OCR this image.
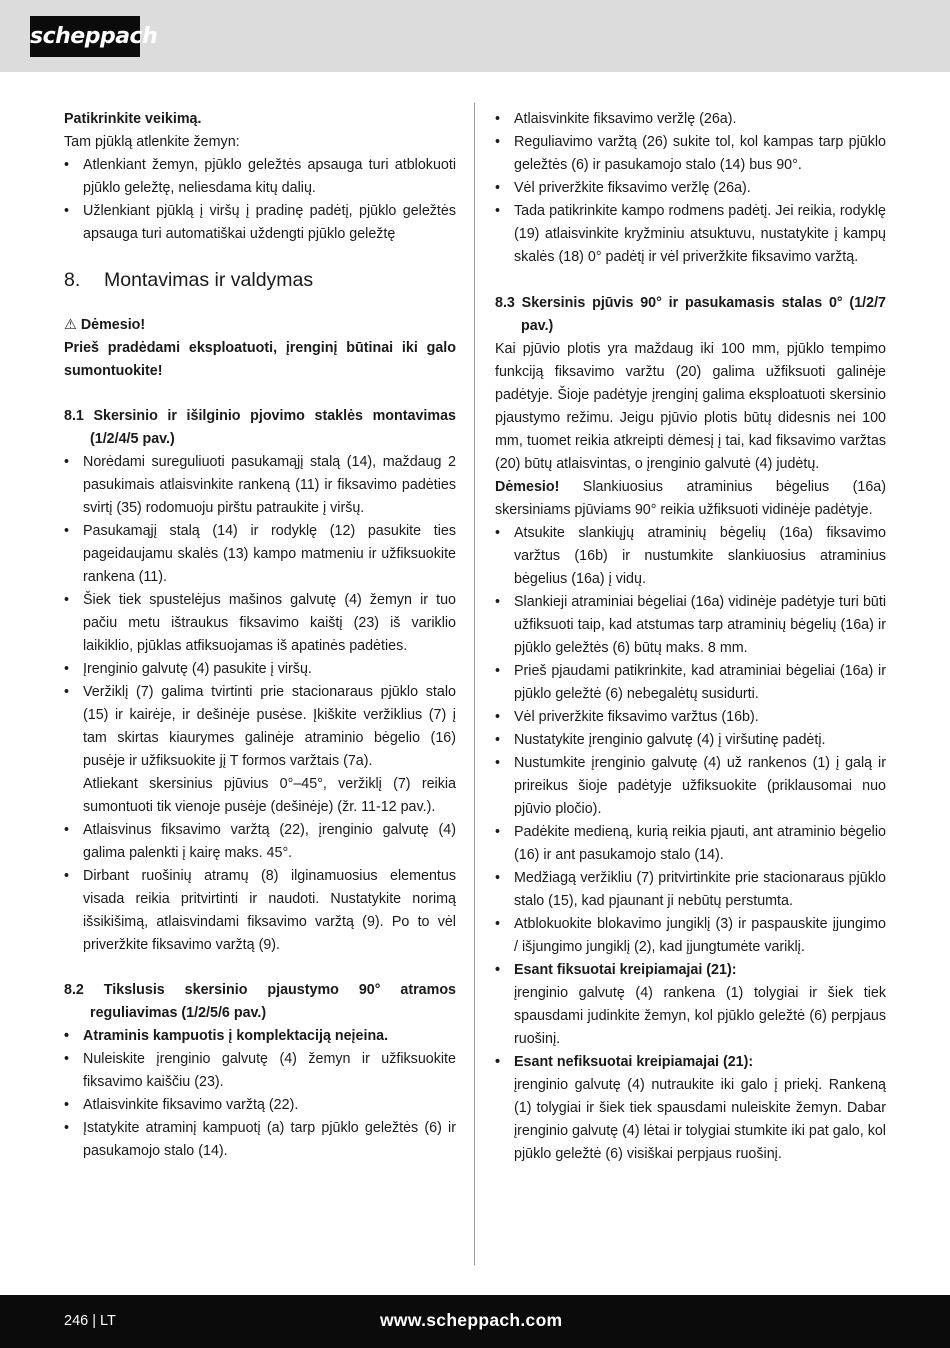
scheppach

Patikrinkite veikimą.

Tam pjūklą atlenkite žemyn:

• Atlenkiant žemyn, pjūklo geležtės apsauga turi atblokuoti pjūklo geležtę, neliesdama kitų dalių.
• Užlenkiant pjūklą į viršų į pradinę padėtį, pjūklo geležtės apsauga turi automatiškai uždengti pjūklo geležtę
8. Montavimas ir valdymas

⚠ Dėmesio!

Prieš pradėdami eksploatuoti, įrenginį būtinai iki galo sumontuokite!

8.1 Skersinio ir išilginio pjovimo staklės montavimas (1/2/4/5 pav.)

• Norėdami sureguliuoti pasukamąjį stalą (14), maždaug 2 pasukimais atlaisvinkite rankeną (11) ir fiksavimo padėties svirtį (35) rodomuoju pirštu patraukite į viršų.
• Pasukamąjį stalą (14) ir rodyklę (12) pasukite ties pageidaujamu skalės (13) kampo matmeniu ir užfiksuokite rankena (11).
• Šiek tiek spustelėjus mašinos galvutę (4) žemyn ir tuo pačiu metu ištraukus fiksavimo kaištį (23) iš variklio laikiklio, pjūklas atfiksuojamas iš apatinės padėties.
• Įrenginio galvutę (4) pasukite į viršų.
• Veržiklį (7) galima tvirtinti prie stacionaraus pjūklo stalo (15) ir kairėje, ir dešinėje pusėse. Įkiškite veržiklius (7) į tam skirtas kiaurymes galinėje atraminio bėgelio (16) pusėje ir užfiksuokite jį T formos varžtais (7a).

Atliekant skersinius pjūvius 0°–45°, veržiklį (7) reikia sumontuoti tik vienoje pusėje (dešinėje) (žr. 11-12 pav.).

• Atlaisvinus fiksavimo varžtą (22), įrenginio galvutę (4) galima palenkti į kairę maks. 45°.
• Dirbant ruošinių atramų (8) ilginamuosius elementus visada reikia pritvirtinti ir naudoti. Nustatykite norimą išsikišimą, atlaisvindami fiksavimo varžtą (9). Po to vėl priveržkite fiksavimo varžtą (9).

8.2 Tikslusis skersinio pjaustymo 90° atramos reguliavimas (1/2/5/6 pav.)

• Atraminis kampuotis į komplektaciją neįeina.
• Nuleiskite įrenginio galvutę (4) žemyn ir užfiksuokite fiksavimo kaiščiu (23).
• Atlaisvinkite fiksavimo varžtą (22).
• Įstatykite atraminį kampuotį (a) tarp pjūklo geležtės (6) ir pasukamojo stalo (14).
• Atlaisvinkite fiksavimo veržlę (26a).
• Reguliavimo varžtą (26) sukite tol, kol kampas tarp pjūklo geležtės (6) ir pasukamojo stalo (14) bus 90°.
• Vėl priveržkite fiksavimo veržlę (26a).
• Tada patikrinkite kampo rodmens padėtį. Jei reikia, rodyklę (19) atlaisvinkite kryžminiu atsuktuvu, nustatykite į kampų skalės (18) 0° padėtį ir vėl priveržkite fiksavimo varžtą.

8.3 Skersinis pjūvis 90° ir pasukamasis stalas 0° (1/2/7 pav.)

Kai pjūvio plotis yra maždaug iki 100 mm, pjūklo tempimo funkciją fiksavimo varžtu (20) galima užfiksuoti galinėje padėtyje. Šioje padėtyje įrenginį galima eksploatuoti skersinio pjaustymo režimu. Jeigu pjūvio plotis būtų didesnis nei 100 mm, tuomet reikia atkreipti dėmesį į tai, kad fiksavimo varžtas (20) būtų atlaisvintas, o įrenginio galvutė (4) judėtų.

Dėmesio! Slankiuosius atraminius bėgelius (16a) skersiniams pjūviams 90° reikia užfiksuoti vidinėje padėtyje.

• Atsukite slankiųjų atraminių bėgelių (16a) fiksavimo varžtus (16b) ir nustumkite slankiuosius atraminius bėgelius (16a) į vidų.
• Slankieji atraminiai bėgeliai (16a) vidinėje padėtyje turi būti užfiksuoti taip, kad atstumas tarp atraminių bėgelių (16a) ir pjūklo geležtės (6) būtų maks. 8 mm.
• Prieš pjaudami patikrinkite, kad atraminiai bėgeliai (16a) ir pjūklo geležtė (6) nebegalėtų susidurti.
• Vėl priveržkite fiksavimo varžtus (16b).
• Nustatykite įrenginio galvutę (4) į viršutinę padėtį.
• Nustumkite įrenginio galvutę (4) už rankenos (1) į galą ir prireikus šioje padėtyje užfiksuokite (priklausomai nuo pjūvio pločio).
• Padėkite medieną, kurią reikia pjauti, ant atraminio bėgelio (16) ir ant pasukamojo stalo (14).
• Medžiagą veržikliu (7) pritvirtinkite prie stacionaraus pjūklo stalo (15), kad pjaunant ji nebūtų perstumta.
• Atblokuokite blokavimo jungiklį (3) ir paspauskite įjungimo / išjungimo jungiklį (2), kad įjungtumėte variklį.
• Esant fiksuotai kreipiamajai (21):

įrenginio galvutę (4) rankena (1) tolygiai ir šiek tiek spausdami judinkite žemyn, kol pjūklo geležtė (6) perpjaus ruošinį.

• Esant nefiksuotai kreipiamajai (21):

įrenginio galvutę (4) nutraukite iki galo į priekį. Rankeną (1) tolygiai ir šiek tiek spausdami nuleiskite žemyn. Dabar įrenginio galvutę (4) lėtai ir tolygiai stumkite iki pat galo, kol pjūklo geležtė (6) visiškai perpjaus ruošinį.

246 | LT	www.scheppach.com
